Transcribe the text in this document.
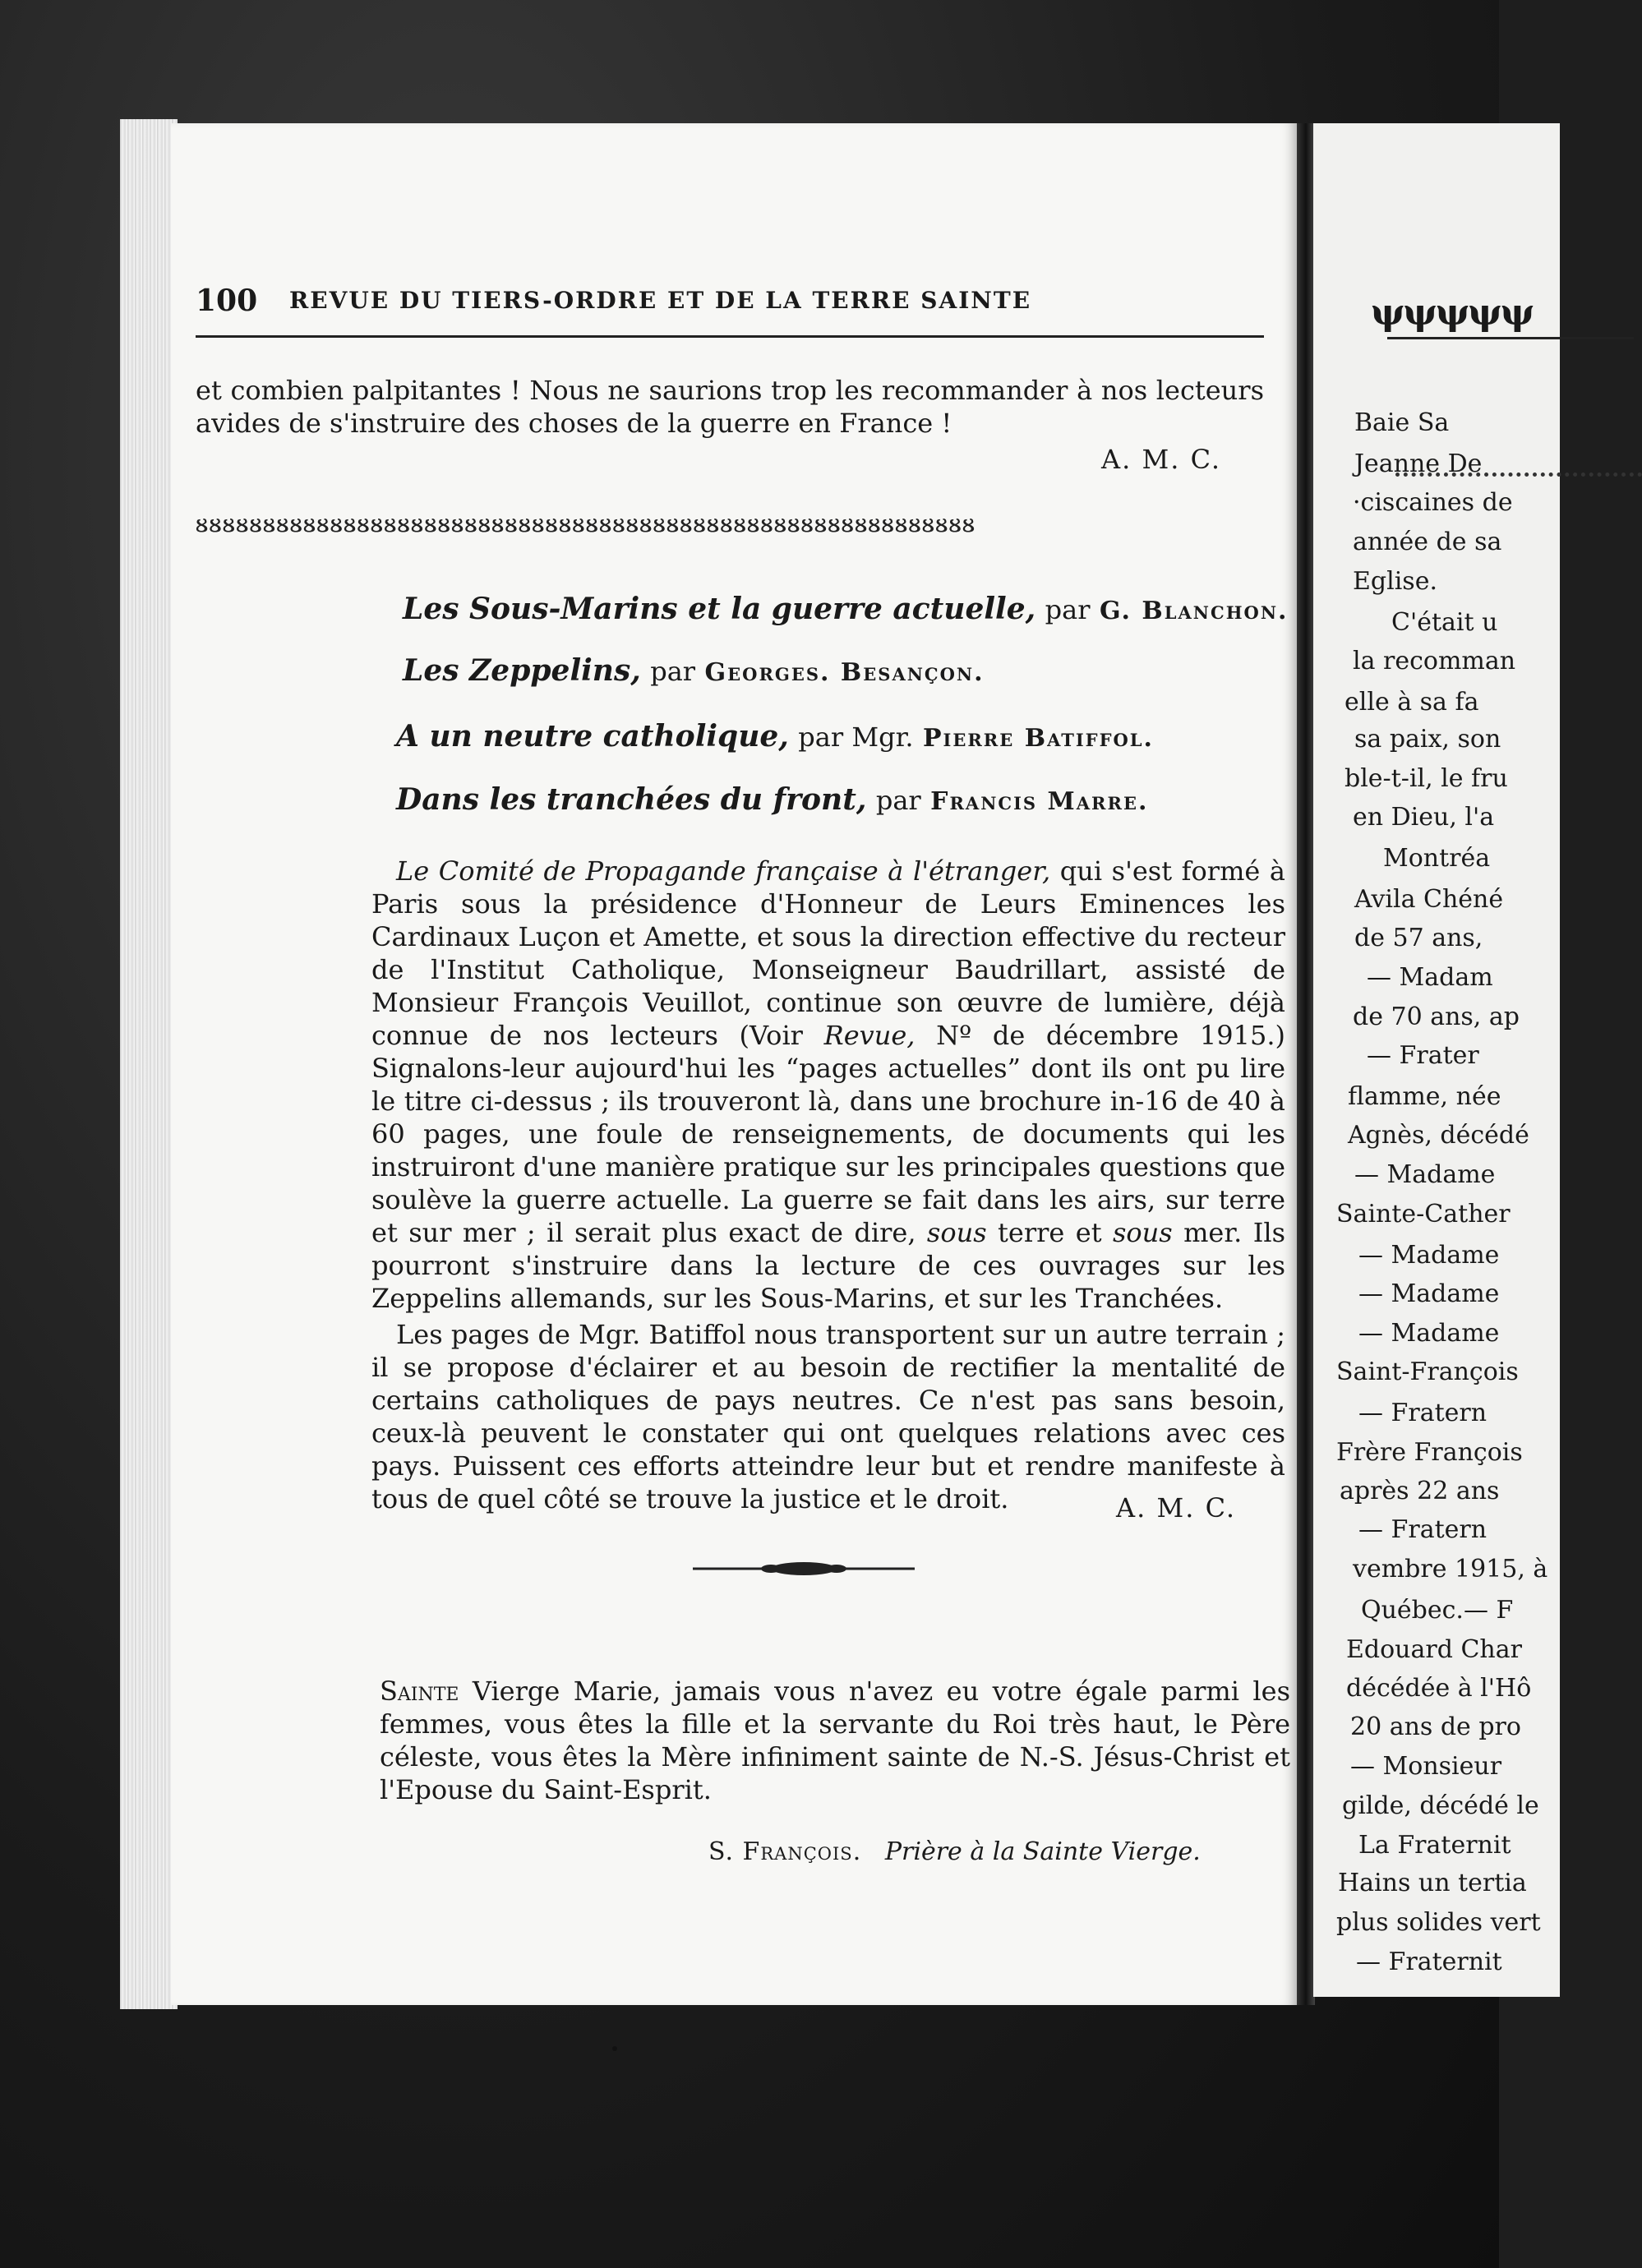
ψψψψψ
Baie Sa
Jeanne De
·ciscaines de
année de sa
Eglise.
C'était u
la recomman
elle à sa fa
sa paix, son
ble-t-il, le fru
en Dieu, l'a
Montréa
Avila Chéné
de 57 ans,
— Madam
de 70 ans, ap
— Frater
flamme, née
Agnès, décédé
— Madame
Sainte-Cather
— Madame
— Madame
— Madame
Saint-François
— Fratern
Frère François
après 22 ans
— Fratern
vembre 1915, à
Québec.— F
Edouard Char
décédée à l'Hô
20 ans de pro
— Monsieur
gilde, décédé le
La Fraternit
Hains un tertia
plus solides vert
— Fraternit
100 REVUE DU TIERS-ORDRE ET DE LA TERRE SAINTE
et combien palpitantes ! Nous ne saurions trop les recommander à nos lecteurs avides de s'instruire des choses de la guerre en France !
A. M. C.
ᴕᴕᴕᴕᴕᴕᴕᴕᴕᴕᴕᴕᴕᴕᴕᴕᴕᴕᴕᴕᴕᴕᴕᴕᴕᴕᴕᴕᴕᴕᴕᴕᴕᴕᴕᴕᴕᴕᴕᴕᴕᴕᴕᴕᴕᴕᴕᴕᴕᴕᴕᴕᴕᴕᴕᴕᴕᴕ
Les Sous-Marins et la guerre actuelle, par G. Blanchon.
Les Zeppelins, par Georges. Besançon.
A un neutre catholique, par Mgr. Pierre Batiffol.
Dans les tranchées du front, par Francis Marre.

Le Comité de Propagande française à l'étranger, qui s'est formé à Paris sous la présidence d'Honneur de Leurs Eminences les Cardinaux Luçon et Amette, et sous la direction effective du recteur de l'Institut Catholique, Monseigneur Baudrillart, assisté de Monsieur François Veuillot, continue son œuvre de lumière, déjà connue de nos lecteurs (Voir Revue, Nº de décembre 1915.) Signalons-leur aujourd'hui les “pages actuelles” dont ils ont pu lire le titre ci-dessus ; ils trouveront là, dans une brochure in-16 de 40 à 60 pages, une foule de renseignements, de documents qui les instruiront d'une manière pratique sur les principales questions que soulève la guerre actuelle. La guerre se fait dans les airs, sur terre et sur mer ; il serait plus exact de dire, sous terre et sous mer. Ils pourront s'instruire dans la lecture de ces ouvrages sur les Zeppelins allemands, sur les Sous-Marins, et sur les Tranchées.

Les pages de Mgr. Batiffol nous transportent sur un autre terrain ; il se propose d'éclairer et au besoin de rectifier la mentalité de certains catholiques de pays neutres. Ce n'est pas sans besoin, ceux-là peuvent le constater qui ont quelques relations avec ces pays. Puissent ces efforts atteindre leur but et rendre manifeste à tous de quel côté se trouve la justice et le droit.	A. M. C.
Sainte Vierge Marie, jamais vous n'avez eu votre égale parmi les femmes, vous êtes la fille et la servante du Roi très haut, le Père céleste, vous êtes la Mère infiniment sainte de N.-S. Jésus-Christ et l'Epouse du Saint-Esprit.
S. François. Prière à la Sainte Vierge.
